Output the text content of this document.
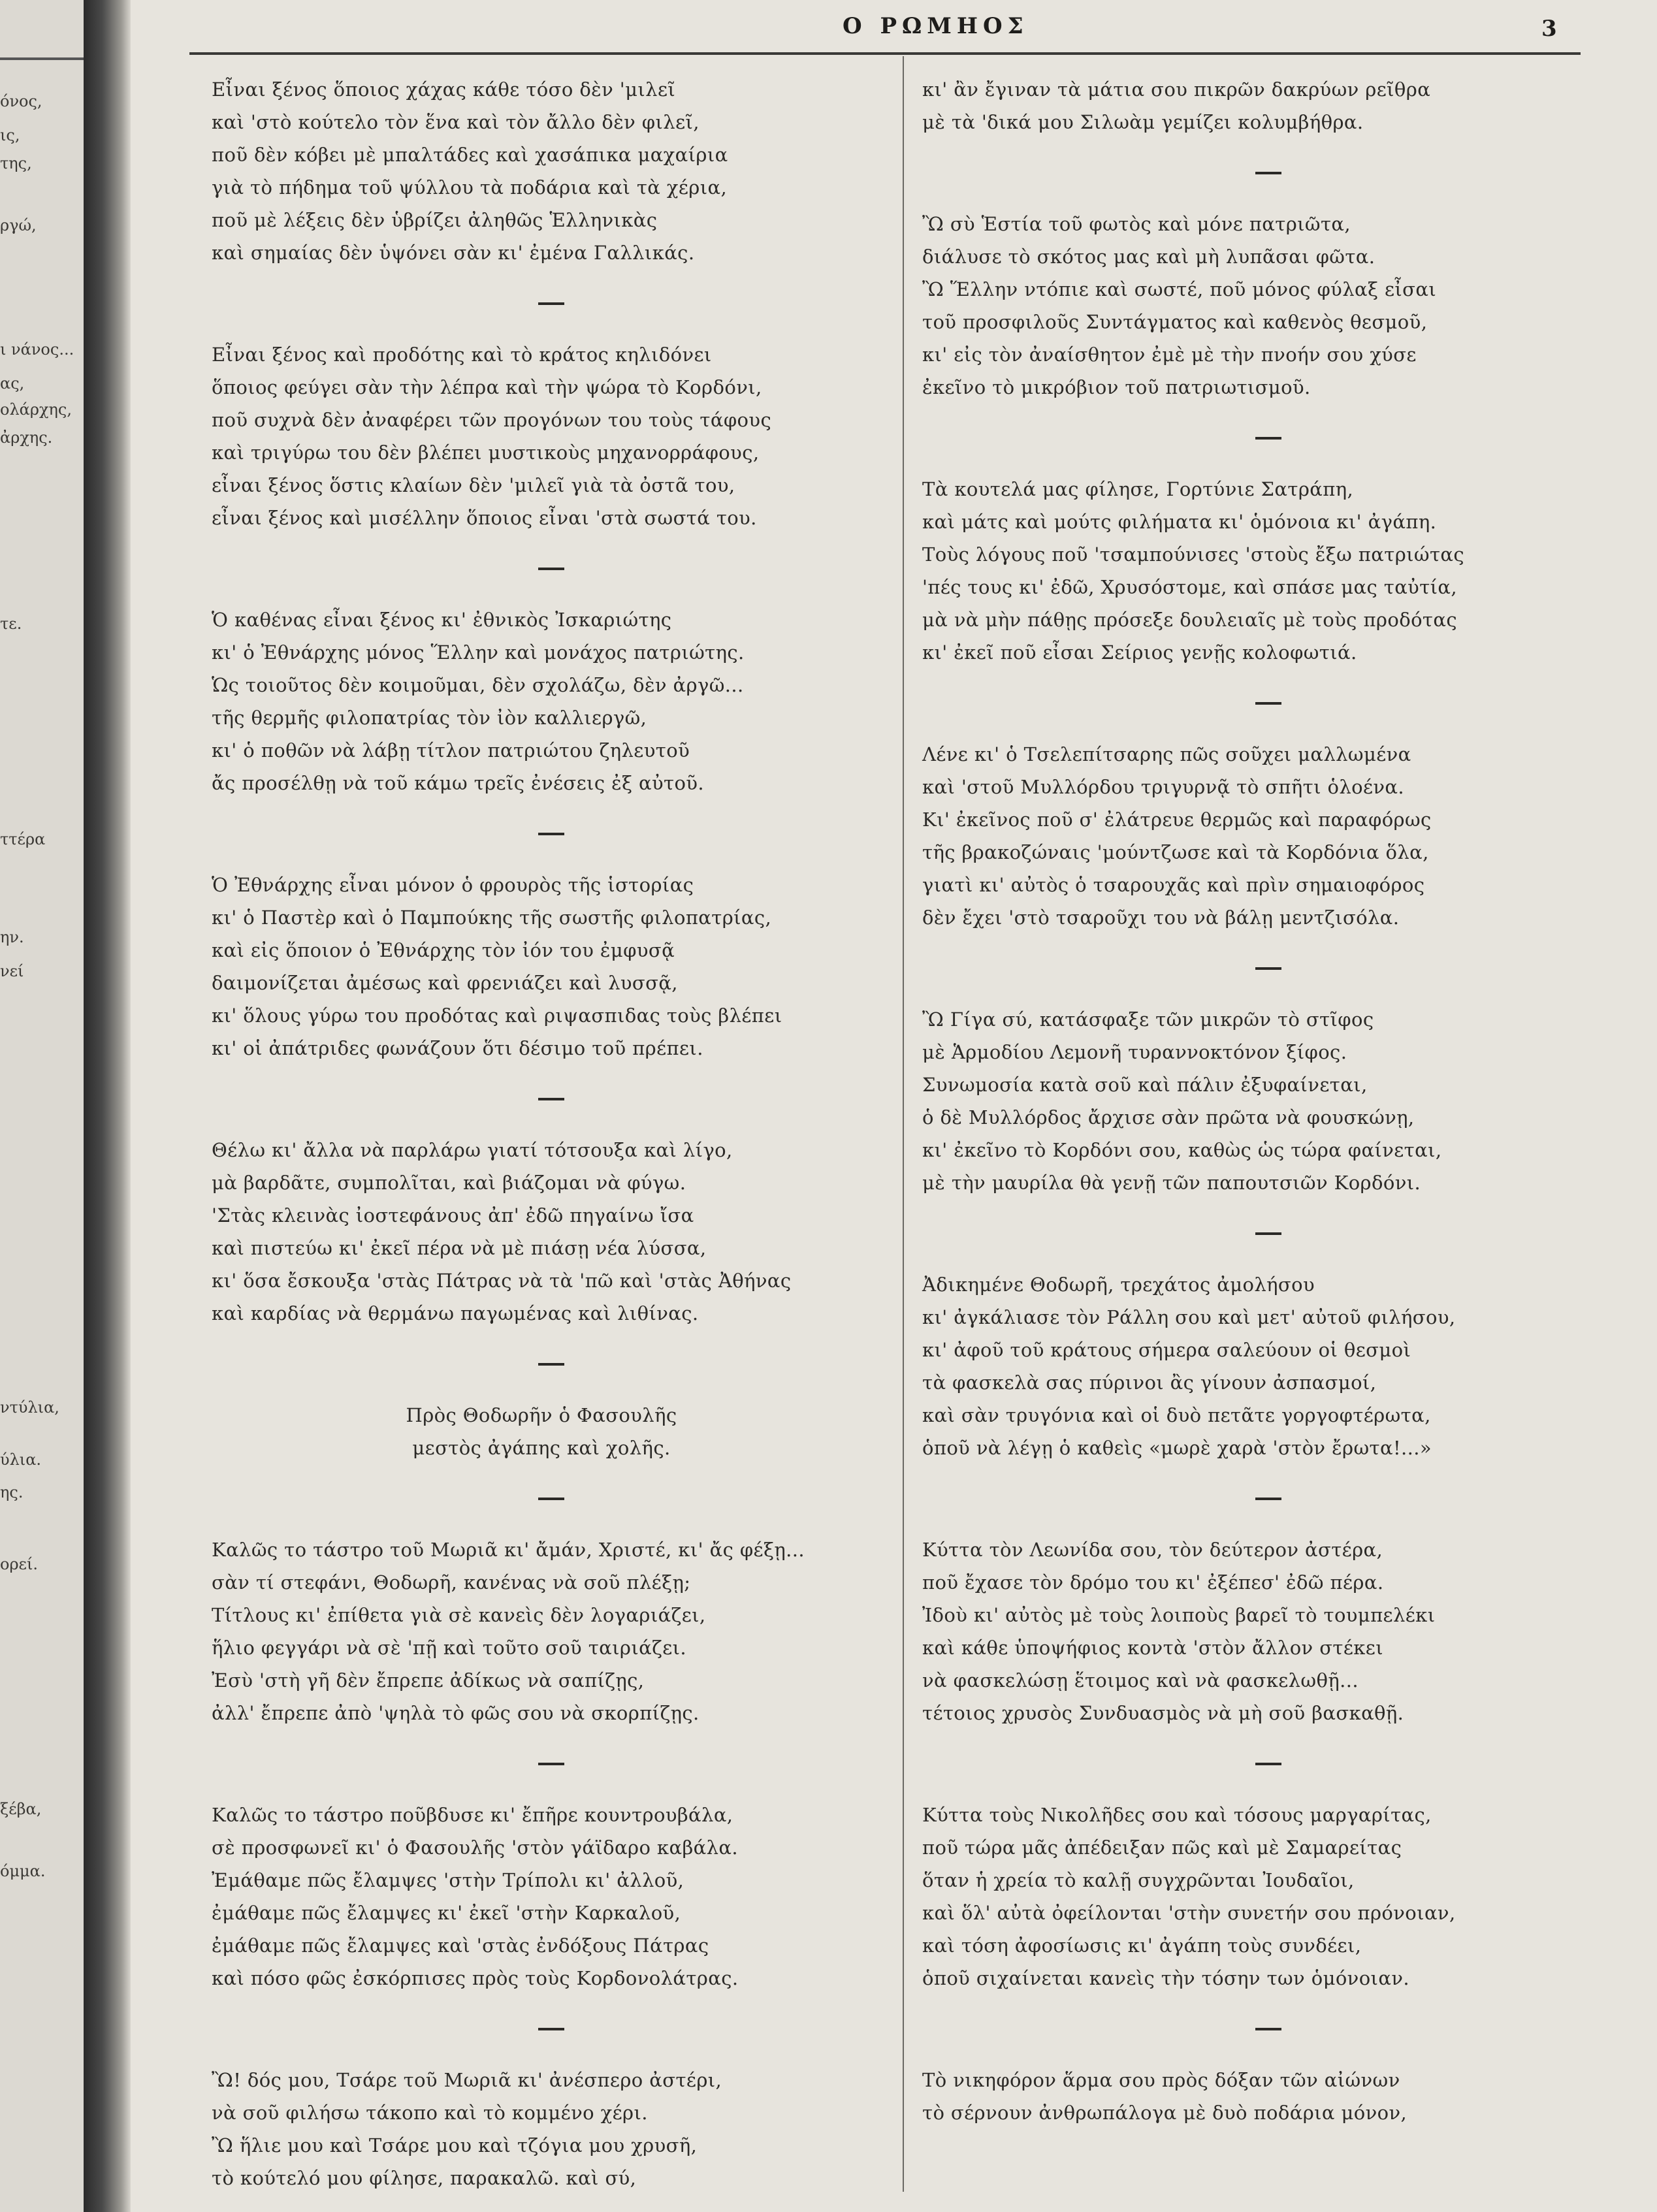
όνος,
ις,
της,
ργώ,
ι νάνος...
ας,
ολάρχης,
ἀρχης.
τε.
ττέρα
ην.
νεί
ντύλια,
ύλια.
ης.
ορεί.
ξέβα,
όμμα.
Ο ΡΩΜΗΟΣ	3
Εἶναι ξένος ὅποιος χάχας κάθε τόσο δὲν 'μιλεῖ
καὶ 'στὸ κούτελο τὸν ἕνα καὶ τὸν ἄλλο δὲν φιλεῖ,
ποῦ δὲν κόβει μὲ μπαλτάδες καὶ χασάπικα μαχαίρια
γιὰ τὸ πήδημα τοῦ ψύλλου τὰ ποδάρια καὶ τὰ χέρια,
ποῦ μὲ λέξεις δὲν ὑβρίζει ἀληθῶς Ἑλληνικὰς
καὶ σημαίας δὲν ὑψόνει σὰν κι' ἐμένα Γαλλικάς.
Εἶναι ξένος καὶ προδότης καὶ τὸ κράτος κηλιδόνει
ὅποιος φεύγει σὰν τὴν λέπρα καὶ τὴν ψώρα τὸ Κορδόνι,
ποῦ συχνὰ δὲν ἀναφέρει τῶν προγόνων του τοὺς τάφους
καὶ τριγύρω του δὲν βλέπει μυστικοὺς μηχανορράφους,
εἶναι ξένος ὅστις κλαίων δὲν 'μιλεῖ γιὰ τὰ ὀστᾶ του,
εἶναι ξένος καὶ μισέλλην ὅποιος εἶναι 'στὰ σωστά του.
Ὁ καθένας εἶναι ξένος κι' ἐθνικὸς Ἰσκαριώτης
κι' ὁ Ἐθνάρχης μόνος Ἕλλην καὶ μονάχος πατριώτης.
Ὡς τοιοῦτος δὲν κοιμοῦμαι, δὲν σχολάζω, δὲν ἀργῶ...
τῆς θερμῆς φιλοπατρίας τὸν ἰὸν καλλιεργῶ,
κι' ὁ ποθῶν νὰ λάβῃ τίτλον πατριώτου ζηλευτοῦ
ἄς προσέλθῃ νὰ τοῦ κάμω τρεῖς ἐνέσεις ἐξ αὐτοῦ.
Ὁ Ἐθνάρχης εἶναι μόνον ὁ φρουρὸς τῆς ἱστορίας
κι' ὁ Παστὲρ καὶ ὁ Παμπούκης τῆς σωστῆς φιλοπατρίας,
καὶ εἰς ὅποιον ὁ Ἐθνάρχης τὸν ἰόν του ἐμφυσᾷ
δαιμονίζεται ἀμέσως καὶ φρενιάζει καὶ λυσσᾷ,
κι' ὅλους γύρω του προδότας καὶ ριψασπιδας τοὺς βλέπει
κι' οἱ ἀπάτριδες φωνάζουν ὅτι δέσιμο τοῦ πρέπει.
Θέλω κι' ἄλλα νὰ παρλάρω γιατί τότσουξα καὶ λίγο,
μὰ βαρδᾶτε, συμπολῖται, καὶ βιάζομαι νὰ φύγω.
'Στὰς κλεινὰς ἰοστεφάνους ἀπ' ἐδῶ πηγαίνω ἴσα
καὶ πιστεύω κι' ἐκεῖ πέρα νὰ μὲ πιάσῃ νέα λύσσα,
κι' ὅσα ἔσκουξα 'στὰς Πάτρας νὰ τὰ 'πῶ καὶ 'στὰς Ἀθήνας
καὶ καρδίας νὰ θερμάνω παγωμένας καὶ λιθίνας.
Πρὸς Θοδωρῆν ὁ Φασουλῆς
μεστὸς ἀγάπης καὶ χολῆς.
Καλῶς το τάστρο τοῦ Μωριᾶ κι' ἄμάν, Χριστέ, κι' ἄς φέξῃ...
σὰν τί στεφάνι, Θοδωρῆ, κανένας νὰ σοῦ πλέξῃ;
Τίτλους κι' ἐπίθετα γιὰ σὲ κανεὶς δὲν λογαριάζει,
ἥλιο φεγγάρι νὰ σὲ 'πῇ καὶ τοῦτο σοῦ ταιριάζει.
Ἐσὺ 'στὴ γῆ δὲν ἔπρεπε ἀδίκως νὰ σαπίζῃς,
ἀλλ' ἔπρεπε ἀπὸ 'ψηλὰ τὸ φῶς σου νὰ σκορπίζῃς.
Καλῶς το τάστρο ποῦβδυσε κι' ἔπῆρε κουντρουβάλα,
σὲ προσφωνεῖ κι' ὁ Φασουλῆς 'στὸν γάϊδαρο καβάλα.
Ἐμάθαμε πῶς ἔλαμψες 'στὴν Τρίπολι κι' ἀλλοῦ,
ἐμάθαμε πῶς ἔλαμψες κι' ἐκεῖ 'στὴν Καρκαλοῦ,
ἐμάθαμε πῶς ἔλαμψες καὶ 'στὰς ἐνδόξους Πάτρας
καὶ πόσο φῶς ἐσκόρπισες πρὸς τοὺς Κορδονολάτρας.
Ὢ! δός μου, Τσάρε τοῦ Μωριᾶ κι' ἀνέσπερο ἀστέρι,
νὰ σοῦ φιλήσω τάκοπο καὶ τὸ κομμένο χέρι.
Ὢ ἥλιε μου καὶ Τσάρε μου καὶ τζόγια μου χρυσῆ,
τὸ κούτελό μου φίλησε, παρακαλῶ. καὶ σύ,
κι' ἂν ἔγιναν τὰ μάτια σου πικρῶν δακρύων ρεῖθρα
μὲ τὰ 'δικά μου Σιλωὰμ γεμίζει κολυμβήθρα.
Ὢ σὺ Ἑστία τοῦ φωτὸς καὶ μόνε πατριῶτα,
διάλυσε τὸ σκότος μας καὶ μὴ λυπᾶσαι φῶτα.
Ὢ Ἕλλην ντόπιε καὶ σωστέ, ποῦ μόνος φύλαξ εἶσαι
τοῦ προσφιλοῦς Συντάγματος καὶ καθενὸς θεσμοῦ,
κι' εἰς τὸν ἀναίσθητον ἐμὲ μὲ τὴν πνοήν σου χύσε
ἐκεῖνο τὸ μικρόβιον τοῦ πατριωτισμοῦ.
Τὰ κουτελά μας φίλησε, Γορτύνιε Σατράπη,
καὶ μάτς καὶ μούτς φιλήματα κι' ὁμόνοια κι' ἀγάπη.
Τοὺς λόγους ποῦ 'τσαμπούνισες 'στοὺς ἔξω πατριώτας
'πές τους κι' ἐδῶ, Χρυσόστομε, καὶ σπάσε μας ταὐτία,
μὰ νὰ μὴν πάθῃς πρόσεξε δουλειαῖς μὲ τοὺς προδότας
κι' ἐκεῖ ποῦ εἶσαι Σείριος γενῇς κολοφωτιά.
Λένε κι' ὁ Τσελεπίτσαρης πῶς σοῦχει μαλλωμένα
καὶ 'στοῦ Μυλλόρδου τριγυρνᾷ τὸ σπῆτι ὁλοένα.
Κι' ἐκεῖνος ποῦ σ' ἐλάτρευε θερμῶς καὶ παραφόρως
τῆς βρακοζώναις 'μούντζωσε καὶ τὰ Κορδόνια ὅλα,
γιατὶ κι' αὐτὸς ὁ τσαρουχᾶς καὶ πρὶν σημαιοφόρος
δὲν ἔχει 'στὸ τσαροῦχι του νὰ βάλῃ μεντζισόλα.
Ὢ Γίγα σύ, κατάσφαξε τῶν μικρῶν τὸ στῖφος
μὲ Ἁρμοδίου Λεμονῆ τυραννοκτόνον ξίφος.
Συνωμοσία κατὰ σοῦ καὶ πάλιν ἐξυφαίνεται,
ὁ δὲ Μυλλόρδος ἄρχισε σὰν πρῶτα νὰ φουσκώνῃ,
κι' ἐκεῖνο τὸ Κορδόνι σου, καθὼς ὡς τώρα φαίνεται,
μὲ τὴν μαυρίλα θὰ γενῇ τῶν παπουτσιῶν Κορδόνι.
Ἀδικημένε Θοδωρῆ, τρεχάτος ἀμολήσου
κι' ἀγκάλιασε τὸν Ράλλη σου καὶ μετ' αὐτοῦ φιλήσου,
κι' ἀφοῦ τοῦ κράτους σήμερα σαλεύουν οἱ θεσμοὶ
τὰ φασκελὰ σας πύρινοι ἂς γίνουν ἀσπασμοί,
καὶ σὰν τρυγόνια καὶ οἱ δυὸ πετᾶτε γοργοφτέρωτα,
ὁποῦ νὰ λέγῃ ὁ καθεὶς «μωρὲ χαρὰ 'στὸν ἔρωτα!...»
Κύττα τὸν Λεωνίδα σου, τὸν δεύτερον ἀστέρα,
ποῦ ἔχασε τὸν δρόμο του κι' ἐξέπεσ' ἐδῶ πέρα.
Ἰδοὺ κι' αὐτὸς μὲ τοὺς λοιποὺς βαρεῖ τὸ τουμπελέκι
καὶ κάθε ὑποψήφιος κοντὰ 'στὸν ἄλλον στέκει
νὰ φασκελώσῃ ἕτοιμος καὶ νὰ φασκελωθῇ...
τέτοιος χρυσὸς Συνδυασμὸς νὰ μὴ σοῦ βασκαθῇ.
Κύττα τοὺς Νικολῆδες σου καὶ τόσους μαργαρίτας,
ποῦ τώρα μᾶς ἀπέδειξαν πῶς καὶ μὲ Σαμαρείτας
ὅταν ἡ χρεία τὸ καλῇ συγχρῶνται Ἰουδαῖοι,
καὶ ὅλ' αὐτὰ ὀφείλονται 'στὴν συνετήν σου πρόνοιαν,
καὶ τόση ἀφοσίωσις κι' ἀγάπη τοὺς συνδέει,
ὁποῦ σιχαίνεται κανεὶς τὴν τόσην των ὁμόνοιαν.
Τὸ νικηφόρον ἅρμα σου πρὸς δόξαν τῶν αἰώνων
τὸ σέρνουν ἀνθρωπάλογα μὲ δυὸ ποδάρια μόνον,
